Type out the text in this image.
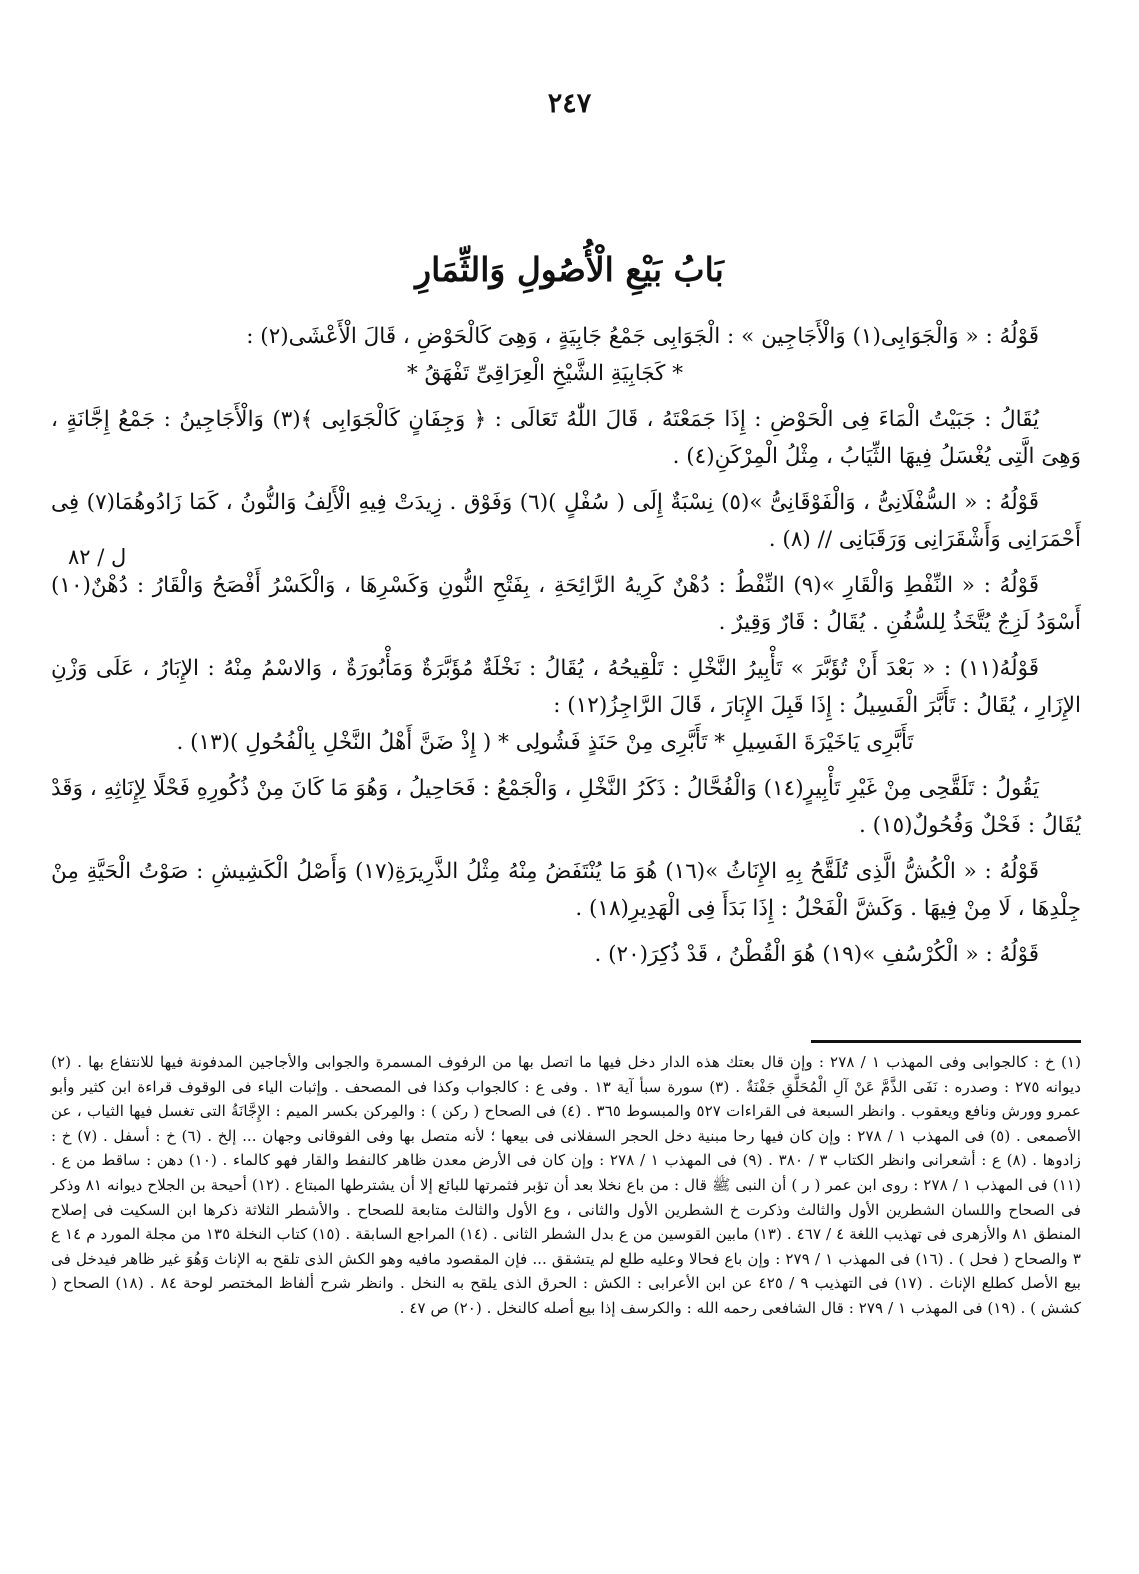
٢٤٧
بَابُ بَيْعِ الْأُصُولِ وَالثِّمَارِ
ل / ٨٢

قَوْلُهُ : « وَالْجَوَابِى(١) وَالْأَجَاجِين » : الْجَوَابِى جَمْعُ جَابِيَةٍ ، وَهِىَ كَالْحَوْضِ ، قَالَ الْأَعْشَى(٢) :

* كَجَابِيَةِ الشَّيْخِ الْعِرَاقِىِّ تَفْهَقُ *

يُقَالُ : جَبَيْتُ الْمَاءَ فِى الْحَوْضِ : إِذَا جَمَعْتَهُ ، قَالَ اللّٰهُ تَعَالَى : ﴿ وَجِفَانٍ كَالْجَوَابِى ﴾(٣) وَالْأَجَاجِينُ : جَمْعُ إِجَّانَةٍ ، وَهِىَ الَّتِى يُغْسَلُ فِيهَا الثِّيَابُ ، مِثْلُ الْمِرْكَنِ(٤) .

قَوْلُهُ : « السُّفْلَانِىُّ ، وَالْفَوْقَانِىُّ »(٥) نِسْبَةٌ إِلَى ( سُفْلٍ )(٦) وَفَوْق . زِيدَتْ فِيهِ الْأَلِفُ وَالنُّونُ ، كَمَا زَادُوهُمَا(٧) فِى أَحْمَرَانِى وَأَشْقَرَانِى وَرَقَبَانِى // (٨) .

قَوْلُهُ : « النِّفْطِ وَالْقَارِ »(٩) النِّفْطُ : دُهْنٌ كَرِيهُ الرَّائِحَةِ ، بِفَتْحِ النُّونِ وَكَسْرِهَا ، وَالْكَسْرُ أَفْصَحُ وَالْقَارُ : دُهْنٌ(١٠) أَسْوَدُ لَزِجٌ يُتَّخَذُ لِلسُّفُنِ . يُقَالُ : قَارٌ وَقِيرٌ .

قَوْلُهُ(١١) : « بَعْدَ أَنْ تُؤَبَّرَ » تَأْبِيرُ النَّخْلِ : تَلْقِيحُهُ ، يُقَالُ : نَخْلَةٌ مُؤَبَّرَةٌ وَمَأْبُورَةٌ ، وَالاسْمُ مِنْهُ : الإِبَارُ ، عَلَى وَزْنِ الإِزَارِ ، يُقَالُ : تَأَبَّرَ الْفَسِيلُ : إِذَا قَبِلَ الإِبَارَ ، قَالَ الرَّاجِزُ(١٢) :

تَأَبَّرِى يَاخَيْرَةَ الفَسِيلِ * تَأَبَّرِى مِنْ حَنَذٍ فَشُولِى * ( إِذْ ضَنَّ أَهْلُ النَّخْلِ بِالْفُحُولِ )(١٣) .

يَقُولُ : تَلَقَّحِى مِنْ غَيْرِ تَأْبِيرٍ(١٤) وَالْفُحَّالُ : ذَكَرُ النَّخْلِ ، وَالْجَمْعُ : فَحَاحِيلُ ، وَهُوَ مَا كَانَ مِنْ ذُكُورِهِ فَحْلًا لِإِنَاثِهِ ، وَقَدْ يُقَالُ : فَحْلٌ وَفُحُولٌ(١٥) .

قَوْلُهُ : « الْكُشُّ الَّذِى تُلَقَّحُ بِهِ الإِنَاثُ »(١٦) هُوَ مَا يُنْتَفَضُ مِنْهُ مِثْلُ الذَّرِيرَةِ(١٧) وَأَصْلُ الْكَشِيشِ : صَوْتُ الْحَيَّةِ مِنْ جِلْدِهَا ، لَا مِنْ فِيهَا . وَكَشَّ الْفَحْلُ : إِذَا بَدَأَ فِى الْهَدِيرِ(١٨) .

قَوْلُهُ : « الْكُرْسُفِ »(١٩) هُوَ الْقُطْنُ ، قَدْ ذُكِرَ(٢٠) .

(١) خ : كالجوابى وفى المهذب ١ / ٢٧٨ : وإن قال بعتك هذه الدار دخل فيها ما اتصل بها من الرفوف المسمرة والجوابى والأجاجين المدفونة فيها للانتفاع بها . (٢) ديوانه ٢٧٥ : وصدره : نَفَى الذَّمَّ عَنْ آلِ الْمُحَلَّقِ جَفْنَةٌ . (٣) سورة سبأ آية ١٣ . وفى ع : كالجواب وكذا فى المصحف . وإثبات الياء فى الوقوف قراءة ابن كثير وأبو عمرو وورش ونافع ويعقوب . وانظر السبعة فى القراءات ٥٢٧ والمبسوط ٣٦٥ . (٤) فى الصحاح ( ركن ) : والمِركن بكسر الميم : الإِجَّانَةُ التى تغسل فيها الثياب ، عن الأصمعى . (٥) فى المهذب ١ / ٢٧٨ : وإن كان فيها رحا مبنية دخل الحجر السفلانى فى بيعها ؛ لأنه متصل بها وفى الفوقانى وجهان ... إلخ . (٦) خ : أسفل . (٧) خ : زادوها . (٨) ع : أشعرانى وانظر الكتاب ٣ / ٣٨٠ . (٩) فى المهذب ١ / ٢٧٨ : وإن كان فى الأرض معدن ظاهر كالنفط والقار فهو كالماء . (١٠) دهن : ساقط من ع . (١١) فى المهذب ١ / ٢٧٨ : روى ابن عمر ( ر ) أن النبى ﷺ قال : من باع نخلا بعد أن تؤبر فثمرتها للبائع إلا أن يشترطها المبتاع . (١٢) أحيحة بن الجلاح ديوانه ٨١ وذكر فى الصحاح واللسان الشطرين الأول والثالث وذكرت خ الشطرين الأول والثانى ، وع الأول والثالث متابعة للصحاح . والأشطر الثلاثة ذكرها ابن السكيت فى إصلاح المنطق ٨١ والأزهرى فى تهذيب اللغة ٤ / ٤٦٧ . (١٣) مابين القوسين من ع بدل الشطر الثانى . (١٤) المراجع السابقة . (١٥) كتاب النخلة ١٣٥ من مجلة المورد م ١٤ ع ٣ والصحاح ( فحل ) . (١٦) فى المهذب ١ / ٢٧٩ : وإن باع فحالا وعليه طلع لم يتشقق ... فإن المقصود مافيه وهو الكش الذى تلقح به الإناث وَهُوَ غير ظاهر فيدخل فى بيع الأصل كطلع الإناث . (١٧) فى التهذيب ٩ / ٤٢٥ عن ابن الأعرابى : الكش : الحرق الذى يلقح به النخل . وانظر شرح ألفاظ المختصر لوحة ٨٤ . (١٨) الصحاح ( كشش ) . (١٩) فى المهذب ١ / ٢٧٩ : قال الشافعى رحمه الله : والكرسف إذا بيع أصله كالنخل . (٢٠) ص ٤٧ .
